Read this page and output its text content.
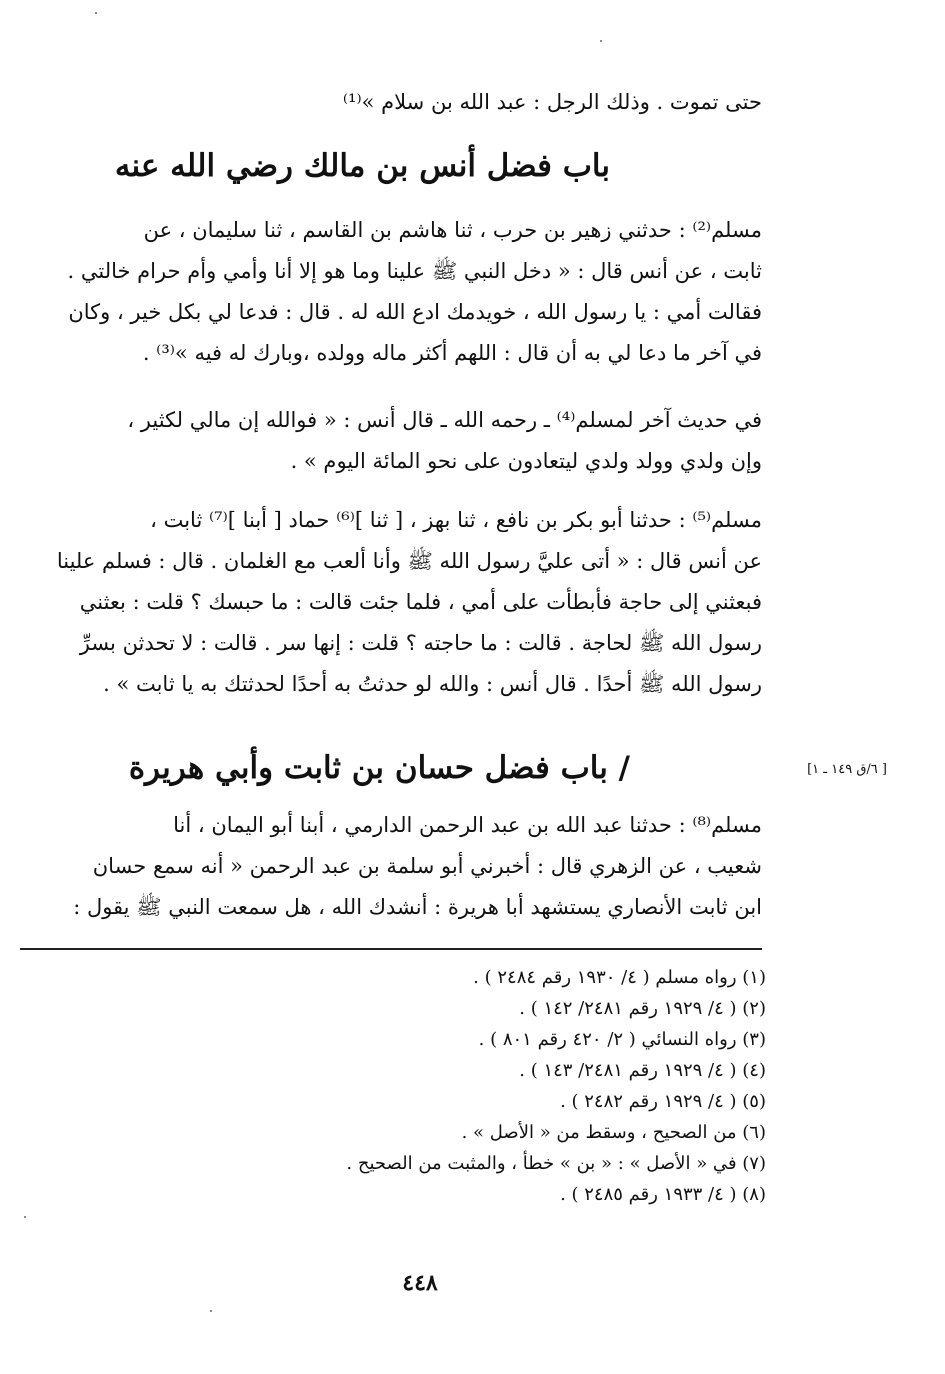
حتى تموت . وذلك الرجل : عبد الله بن سلام »⁽¹⁾
باب فضل أنس بن مالك رضي الله عنه
مسلم⁽²⁾ : حدثني زهير بن حرب ، ثنا هاشم بن القاسم ، ثنا سليمان ، عن
ثابت ، عن أنس قال : « دخل النبي ﷺ علينا وما هو إلا أنا وأمي وأم حرام خالتي .
فقالت أمي : يا رسول الله ، خويدمك ادع الله له . قال : فدعا لي بكل خير ، وكان
في آخر ما دعا لي به أن قال : اللهم أكثر ماله وولده ،وبارك له فيه »⁽³⁾ .
في حديث آخر لمسلم⁽⁴⁾ ـ رحمه الله ـ قال أنس : « فوالله إن مالي لكثير ،
وإن ولدي وولد ولدي ليتعادون على نحو المائة اليوم » .
مسلم⁽⁵⁾ : حدثنا أبو بكر بن نافع ، ثنا بهز ، [ ثنا ]⁽⁶⁾ حماد [ أبنا ]⁽⁷⁾ ثابت ،
عن أنس قال : « أتى عليَّ رسول الله ﷺ وأنا ألعب مع الغلمان . قال : فسلم علينا
فبعثني إلى حاجة فأبطأت على أمي ، فلما جئت قالت : ما حبسك ؟ قلت : بعثني
رسول الله ﷺ لحاجة . قالت : ما حاجته ؟ قلت : إنها سر . قالت : لا تحدثن بسرِّ
رسول الله ﷺ أحدًا . قال أنس : والله لو حدثتُ به أحدًا لحدثتك به يا ثابت » .
/ باب فضل حسان بن ثابت وأبي هريرة	[ ٦/ق ١٤٩ ـ ١]
مسلم⁽⁸⁾ : حدثنا عبد الله بن عبد الرحمن الدارمي ، أبنا أبو اليمان ، أنا
شعيب ، عن الزهري قال : أخبرني أبو سلمة بن عبد الرحمن « أنه سمع حسان
ابن ثابت الأنصاري يستشهد أبا هريرة : أنشدك الله ، هل سمعت النبي ﷺ يقول :
(١) رواه مسلم ( ٤/ ١٩٣٠ رقم ٢٤٨٤ ) .
(٢) ( ٤/ ١٩٢٩ رقم ٢٤٨١/ ١٤٢ ) .
(٣) رواه النسائي ( ٢/ ٤٢٠ رقم ٨٠١ ) .
(٤) ( ٤/ ١٩٢٩ رقم ٢٤٨١/ ١٤٣ ) .
(٥) ( ٤/ ١٩٢٩ رقم ٢٤٨٢ ) .
(٦) من الصحيح ، وسقط من « الأصل » .
(٧) في « الأصل » : « بن » خطأ ، والمثبت من الصحيح .
(٨) ( ٤/ ١٩٣٣ رقم ٢٤٨٥ ) .
٤٤٨
